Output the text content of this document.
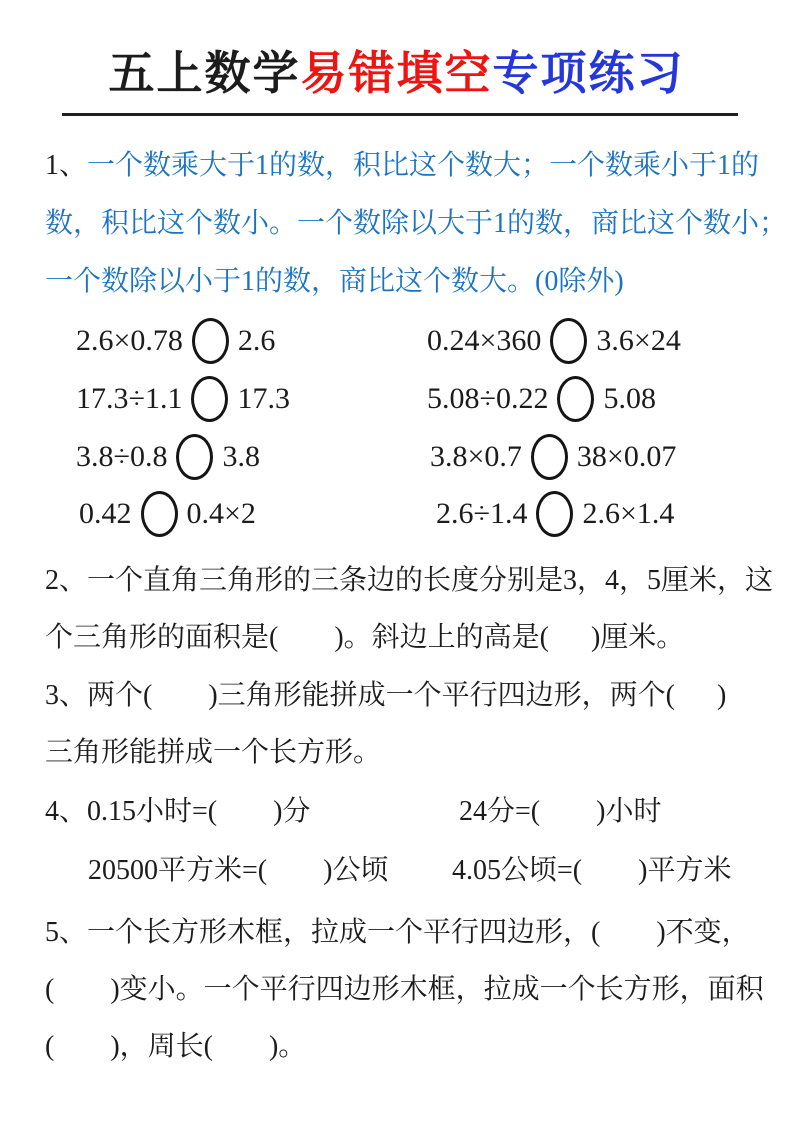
五上数学易错填空专项练习
1、一个数乘大于1的数，积比这个数大；一个数乘小于1的
数，积比这个数小。一个数除以大于1的数，商比这个数小；
一个数除以小于1的数，商比这个数大。(0除外)
2.6×0.78 2.6	0.24×360 3.6×24
17.3÷1.1 17.3	5.08÷0.22 5.08
3.8÷0.8 3.8	3.8×0.7 38×0.07
0.42 0.4×2	2.6÷1.4 2.6×1.4
2、一个直角三角形的三条边的长度分别是3，4，5厘米，这
个三角形的面积是(        )。斜边上的高是(      )厘米。
3、两个(        )三角形能拼成一个平行四边形，两个(      )
三角形能拼成一个长方形。
4、0.15小时=(        )分	24分=(        )小时
20500平方米=(        )公顷 4.05公顷=(        )平方米
5、一个长方形木框，拉成一个平行四边形，(        )不变，
(        )变小。一个平行四边形木框，拉成一个长方形，面积
(        )，周长(        )。
